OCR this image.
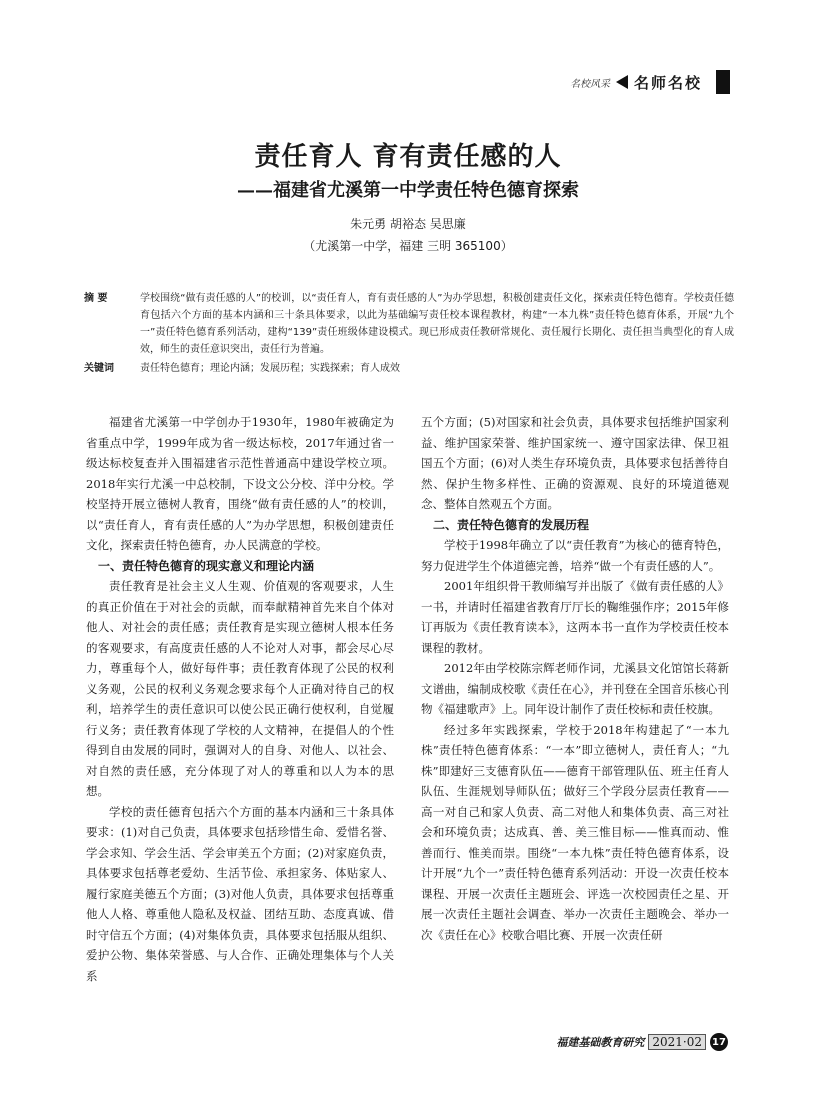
名校风采 名师名校
责任育人 育有责任感的人
——福建省尤溪第一中学责任特色德育探索
朱元勇 胡裕态 吴思廉
（尤溪第一中学，福建 三明 365100）
摘 要	学校围绕“做有责任感的人”的校训，以“责任育人，育有责任感的人”为办学思想，积极创建责任文化，探索责任特色德育。学校责任德育包括六个方面的基本内涵和三十条具体要求，以此为基础编写责任校本课程教材，构建“一本九株”责任特色德育体系，开展“九个一”责任特色德育系列活动，建构“139”责任班级体建设模式。现已形成责任教研常规化、责任履行长期化、责任担当典型化的育人成效，师生的责任意识突出，责任行为普遍。
关键词	责任特色德育；理论内涵；发展历程；实践探索；育人成效

福建省尤溪第一中学创办于1930年，1980年被确定为省重点中学，1999年成为省一级达标校，2017年通过省一级达标校复查并入围福建省示范性普通高中建设学校立项。2018年实行尤溪一中总校制，下设文公分校、洋中分校。学校坚持开展立德树人教育，围绕“做有责任感的人”的校训，以“责任育人，育有责任感的人”为办学思想，积极创建责任文化，探索责任特色德育，办人民满意的学校。

一、责任特色德育的现实意义和理论内涵

责任教育是社会主义人生观、价值观的客观要求，人生的真正价值在于对社会的贡献，而奉献精神首先来自个体对他人、对社会的责任感；责任教育是实现立德树人根本任务的客观要求，有高度责任感的人不论对人对事，都会尽心尽力，尊重每个人，做好每件事；责任教育体现了公民的权利义务观，公民的权利义务观念要求每个人正确对待自己的权利，培养学生的责任意识可以使公民正确行使权利，自觉履行义务；责任教育体现了学校的人文精神，在提倡人的个性得到自由发展的同时，强调对人的自身、对他人、以社会、对自然的责任感，充分体现了对人的尊重和以人为本的思想。

学校的责任德育包括六个方面的基本内涵和三十条具体要求：(1)对自己负责，具体要求包括珍惜生命、爱惜名誉、学会求知、学会生活、学会审美五个方面；(2)对家庭负责，具体要求包括尊老爱幼、生活节俭、承担家务、体贴家人、履行家庭美德五个方面；(3)对他人负责，具体要求包括尊重他人人格、尊重他人隐私及权益、团结互助、态度真诚、借时守信五个方面；(4)对集体负责，具体要求包括服从组织、爱护公物、集体荣誉感、与人合作、正确处理集体与个人关系

五个方面；(5)对国家和社会负责，具体要求包括维护国家利益、维护国家荣誉、维护国家统一、遵守国家法律、保卫祖国五个方面；(6)对人类生存环境负责，具体要求包括善待自然、保护生物多样性、正确的资源观、良好的环境道德观念、整体自然观五个方面。

二、责任特色德育的发展历程

学校于1998年确立了以“责任教育”为核心的德育特色，努力促进学生个体道德完善，培养“做一个有责任感的人”。

2001年组织骨干教师编写并出版了《做有责任感的人》一书，并请时任福建省教育厅厅长的鞠维强作序；2015年修订再版为《责任教育读本》，这两本书一直作为学校责任校本课程的教材。

2012年由学校陈宗辉老师作词，尤溪县文化馆馆长蒋新文谱曲，编制成校歌《责任在心》，并刊登在全国音乐核心刊物《福建歌声》上。同年设计制作了责任校标和责任校旗。

经过多年实践探索，学校于2018年构建起了“一本九株”责任特色德育体系：“一本”即立德树人，责任育人；“九株”即建好三支德育队伍——德育干部管理队伍、班主任育人队伍、生涯规划导师队伍；做好三个学段分层责任教育——高一对自己和家人负责、高二对他人和集体负责、高三对社会和环境负责；达成真、善、美三惟目标——惟真而动、惟善而行、惟美而崇。围绕“一本九株”责任特色德育体系，设计开展“九个一”责任特色德育系列活动：开设一次责任校本课程、开展一次责任主题班会、评选一次校园责任之星、开展一次责任主题社会调查、举办一次责任主题晚会、举办一次《责任在心》校歌合唱比赛、开展一次责任研

福建基础教育研究 2021·02	17
